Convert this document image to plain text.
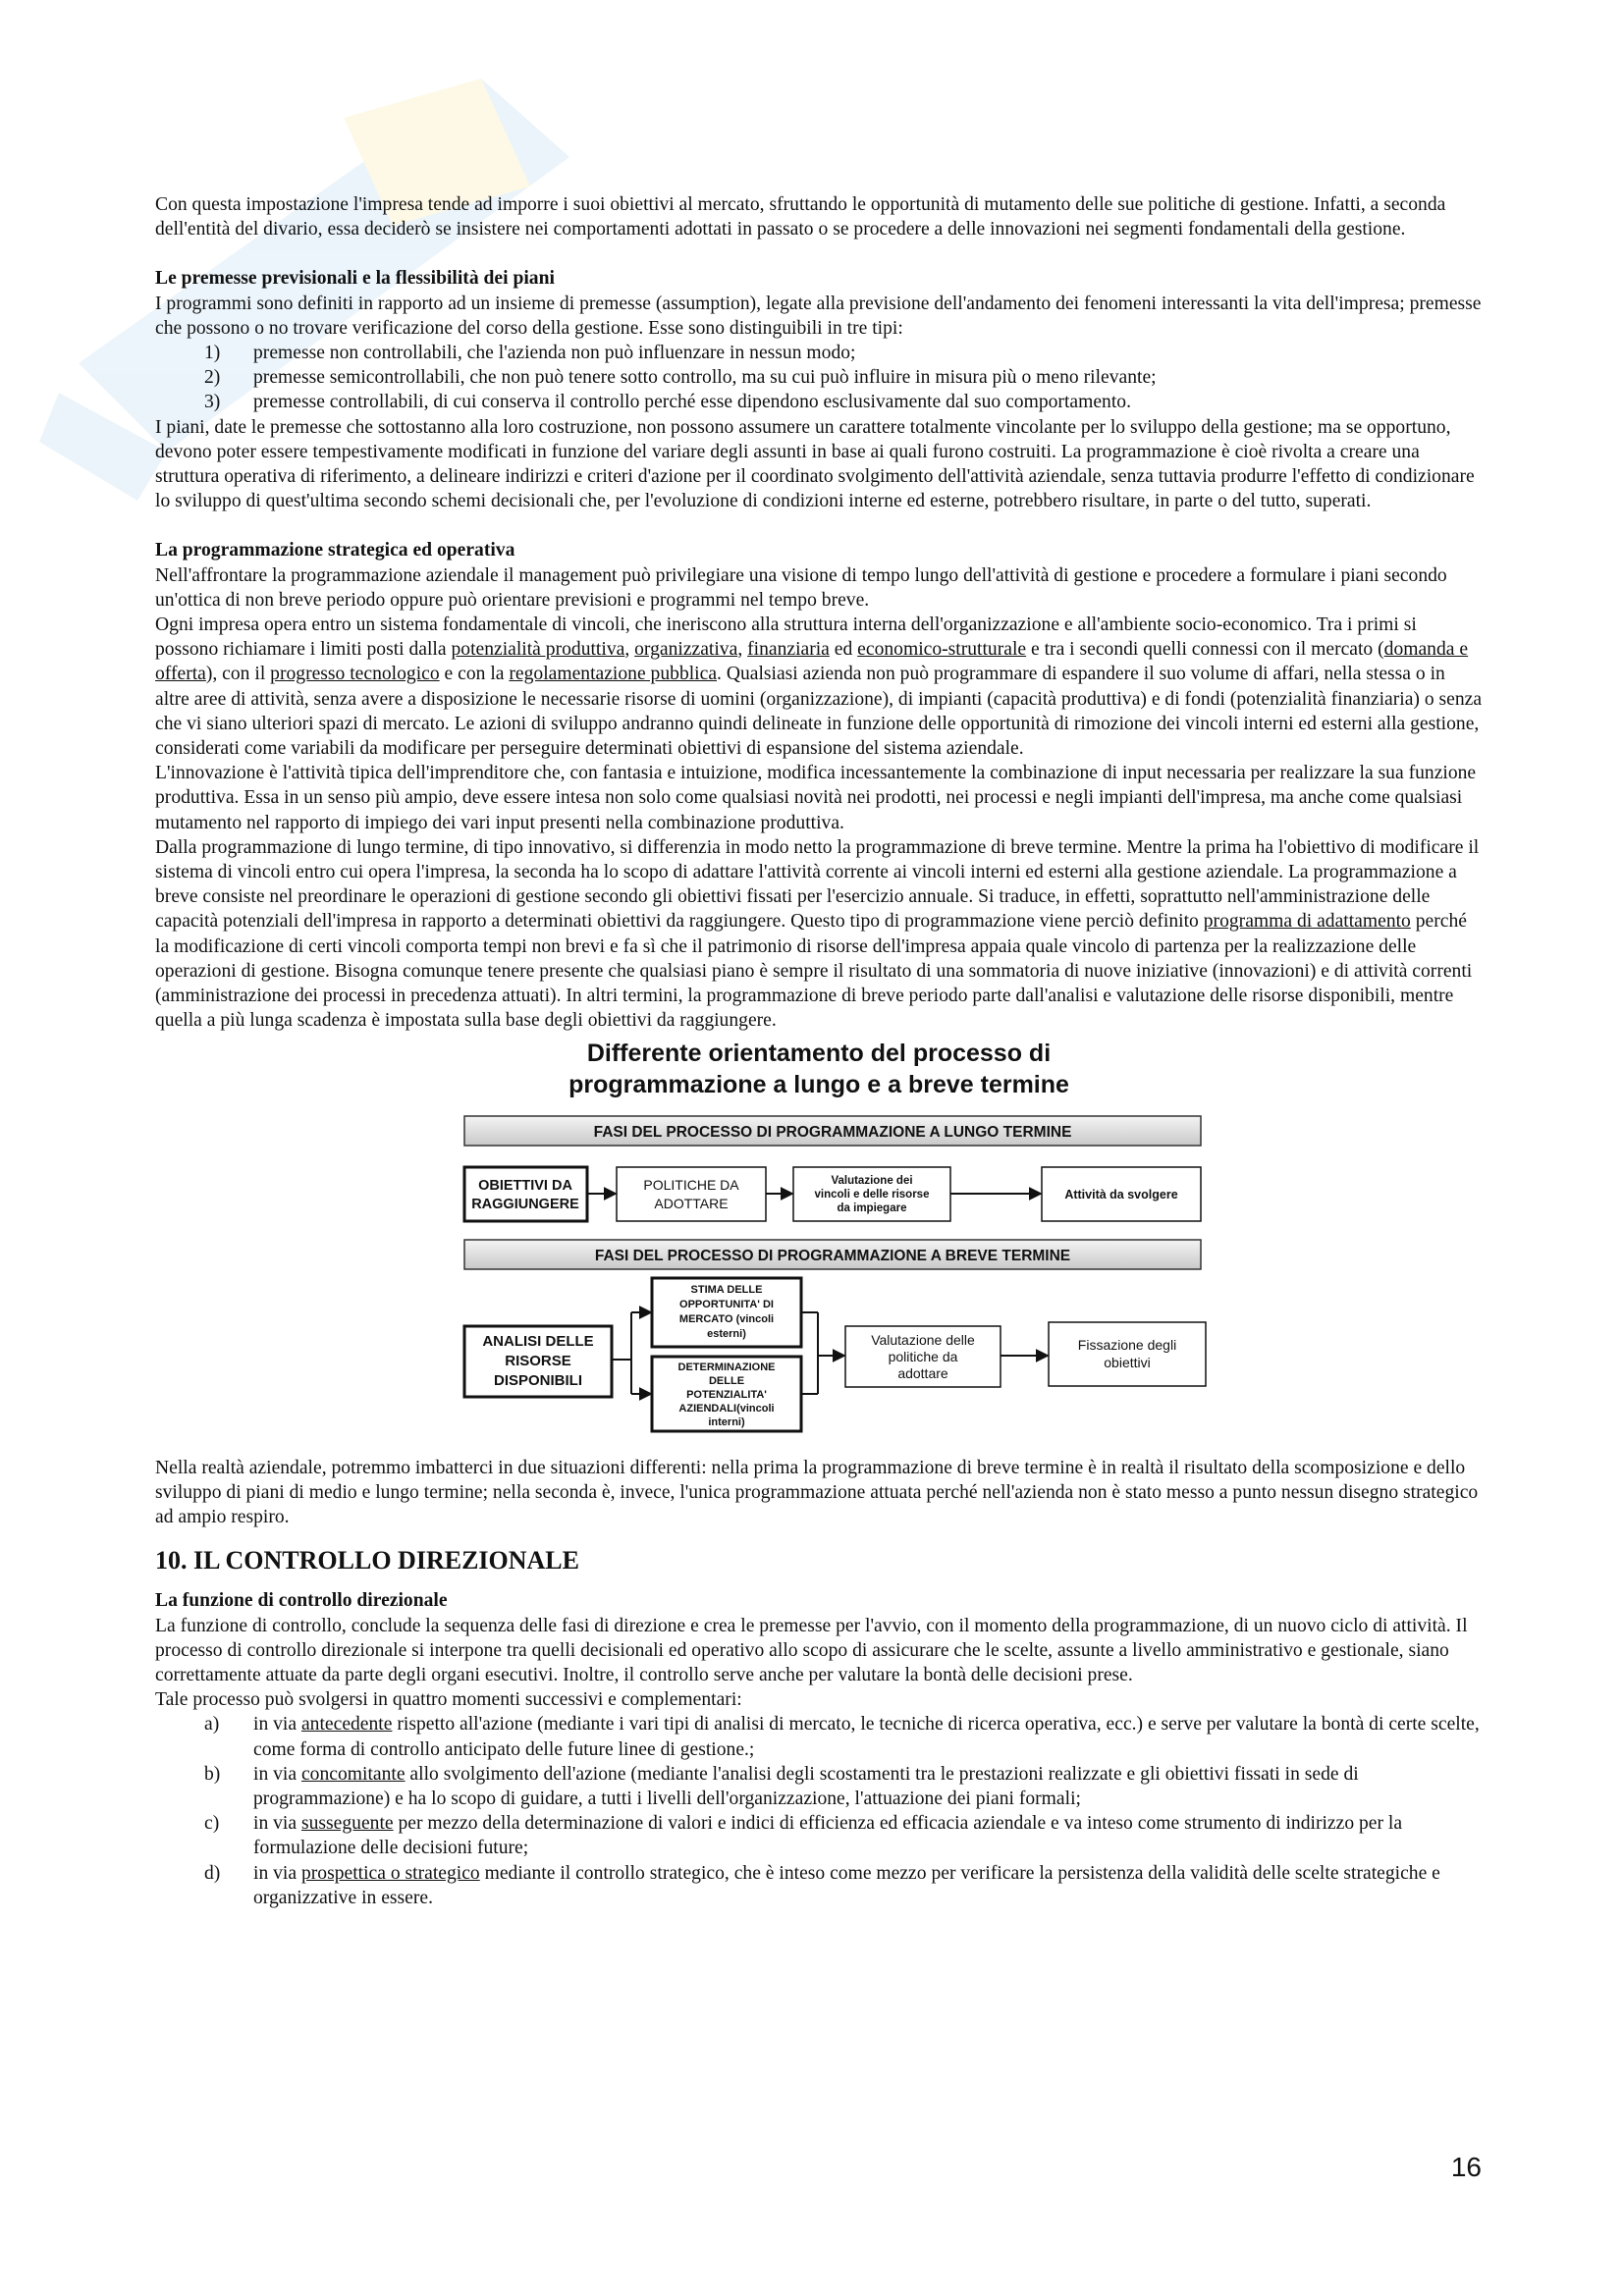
Con questa impostazione l'impresa tende ad imporre i suoi obiettivi al mercato, sfruttando le opportunità di mutamento delle sue politiche di gestione. Infatti, a seconda dell'entità del divario, essa deciderò se insistere nei comportamenti adottati in passato o se procedere a delle innovazioni nei segmenti fondamentali della gestione.

Le premesse previsionali e la flessibilità dei piani

I programmi sono definiti in rapporto ad un insieme di premesse (assumption), legate alla previsione dell'andamento dei fenomeni interessanti la vita dell'impresa; premesse che possono o no trovare verificazione del corso della gestione. Esse sono distinguibili in tre tipi:

1)	premesse non controllabili, che l'azienda non può influenzare in nessun modo;
2)	premesse semicontrollabili, che non può tenere sotto controllo, ma su cui può influire in misura più o meno rilevante;
3)	premesse controllabili, di cui conserva il controllo perché esse dipendono esclusivamente dal suo comportamento.

I piani, date le premesse che sottostanno alla loro costruzione, non possono assumere un carattere totalmente vincolante per lo sviluppo della gestione; ma se opportuno, devono poter essere tempestivamente modificati in funzione del variare degli assunti in base ai quali furono costruiti. La programmazione è cioè rivolta a creare una struttura operativa di riferimento, a delineare indirizzi e criteri d'azione per il coordinato svolgimento dell'attività aziendale, senza tuttavia produrre l'effetto di condizionare lo sviluppo di quest'ultima secondo schemi decisionali che, per l'evoluzione di condizioni interne ed esterne, potrebbero risultare, in parte o del tutto, superati.

La programmazione strategica ed operativa

Nell'affrontare la programmazione aziendale il management può privilegiare una visione di tempo lungo dell'attività di gestione e procedere a formulare i piani secondo un'ottica di non breve periodo oppure può orientare previsioni e programmi nel tempo breve.

Ogni impresa opera entro un sistema fondamentale di vincoli, che ineriscono alla struttura interna dell'organizzazione e all'ambiente socio-economico. Tra i primi si possono richiamare i limiti posti dalla potenzialità produttiva, organizzativa, finanziaria ed economico-strutturale e tra i secondi quelli connessi con il mercato (domanda e offerta), con il progresso tecnologico e con la regolamentazione pubblica. Qualsiasi azienda non può programmare di espandere il suo volume di affari, nella stessa o in altre aree di attività, senza avere a disposizione le necessarie risorse di uomini (organizzazione), di impianti (capacità produttiva) e di fondi (potenzialità finanziaria) o senza che vi siano ulteriori spazi di mercato. Le azioni di sviluppo andranno quindi delineate in funzione delle opportunità di rimozione dei vincoli interni ed esterni alla gestione, considerati come variabili da modificare per perseguire determinati obiettivi di espansione del sistema aziendale.

L'innovazione è l'attività tipica dell'imprenditore che, con fantasia e intuizione, modifica incessantemente la combinazione di input necessaria per realizzare la sua funzione produttiva. Essa in un senso più ampio, deve essere intesa non solo come qualsiasi novità nei prodotti, nei processi e negli impianti dell'impresa, ma anche come qualsiasi mutamento nel rapporto di impiego dei vari input presenti nella combinazione produttiva.

Dalla programmazione di lungo termine, di tipo innovativo, si differenzia in modo netto la programmazione di breve termine. Mentre la prima ha l'obiettivo di modificare il sistema di vincoli entro cui opera l'impresa, la seconda ha lo scopo di adattare l'attività corrente ai vincoli interni ed esterni alla gestione aziendale. La programmazione a breve consiste nel preordinare le operazioni di gestione secondo gli obiettivi fissati per l'esercizio annuale. Si traduce, in effetti, soprattutto nell'amministrazione delle capacità potenziali dell'impresa in rapporto a determinati obiettivi da raggiungere. Questo tipo di programmazione viene perciò definito programma di adattamento perché la modificazione di certi vincoli comporta tempi non brevi e fa sì che il patrimonio di risorse dell'impresa appaia quale vincolo di partenza per la realizzazione delle operazioni di gestione. Bisogna comunque tenere presente che qualsiasi piano è sempre il risultato di una sommatoria di nuove iniziative (innovazioni) e di attività correnti (amministrazione dei processi in precedenza attuati). In altri termini, la programmazione di breve periodo parte dall'analisi e valutazione delle risorse disponibili, mentre quella a più lunga scadenza è impostata sulla base degli obiettivi da raggiungere.

Differente orientamento del processo di
programmazione a lungo e a breve termine
FASI DEL PROCESSO DI PROGRAMMAZIONE A LUNGO TERMINE
OBIETTIVI DA
RAGGIUNGERE
POLITICHE DA
ADOTTARE
Valutazione dei
vincoli e delle risorse
da impiegare
Attività da svolgere
FASI DEL PROCESSO DI PROGRAMMAZIONE A BREVE TERMINE
ANALISI DELLE
RISORSE
DISPONIBILI
STIMA DELLE
OPPORTUNITA' DI
MERCATO (vincoli
esterni)
DETERMINAZIONE
DELLE
POTENZIALITA'
AZIENDALI(vincoli
interni)
Valutazione delle
politiche da
adottare
Fissazione degli
obiettivi

Nella realtà aziendale, potremmo imbatterci in due situazioni differenti: nella prima la programmazione di breve termine è in realtà il risultato della scomposizione e dello sviluppo di piani di medio e lungo termine; nella seconda è, invece, l'unica programmazione attuata perché nell'azienda non è stato messo a punto nessun disegno strategico ad ampio respiro.

10. IL CONTROLLO DIREZIONALE
La funzione di controllo direzionale

La funzione di controllo, conclude la sequenza delle fasi di direzione e crea le premesse per l'avvio, con il momento della programmazione, di un nuovo ciclo di attività. Il processo di controllo direzionale si interpone tra quelli decisionali ed operativo allo scopo di assicurare che le scelte, assunte a livello amministrativo e gestionale, siano correttamente attuate da parte degli organi esecutivi. Inoltre, il controllo serve anche per valutare la bontà delle decisioni prese.

Tale processo può svolgersi in quattro momenti successivi e complementari:

a)	in via antecedente rispetto all'azione (mediante i vari tipi di analisi di mercato, le tecniche di ricerca operativa, ecc.) e serve per valutare la bontà di certe scelte, come forma di controllo anticipato delle future linee di gestione.;
b)	in via concomitante allo svolgimento dell'azione (mediante l'analisi degli scostamenti tra le prestazioni realizzate e gli obiettivi fissati in sede di programmazione) e ha lo scopo di guidare, a tutti i livelli dell'organizzazione, l'attuazione dei piani formali;
c)	in via susseguente per mezzo della determinazione di valori e indici di efficienza ed efficacia aziendale e va inteso come strumento di indirizzo per la formulazione delle decisioni future;
d)	in via prospettica o strategico mediante il controllo strategico, che è inteso come mezzo per verificare la persistenza della validità delle scelte strategiche e organizzative in essere.
16
